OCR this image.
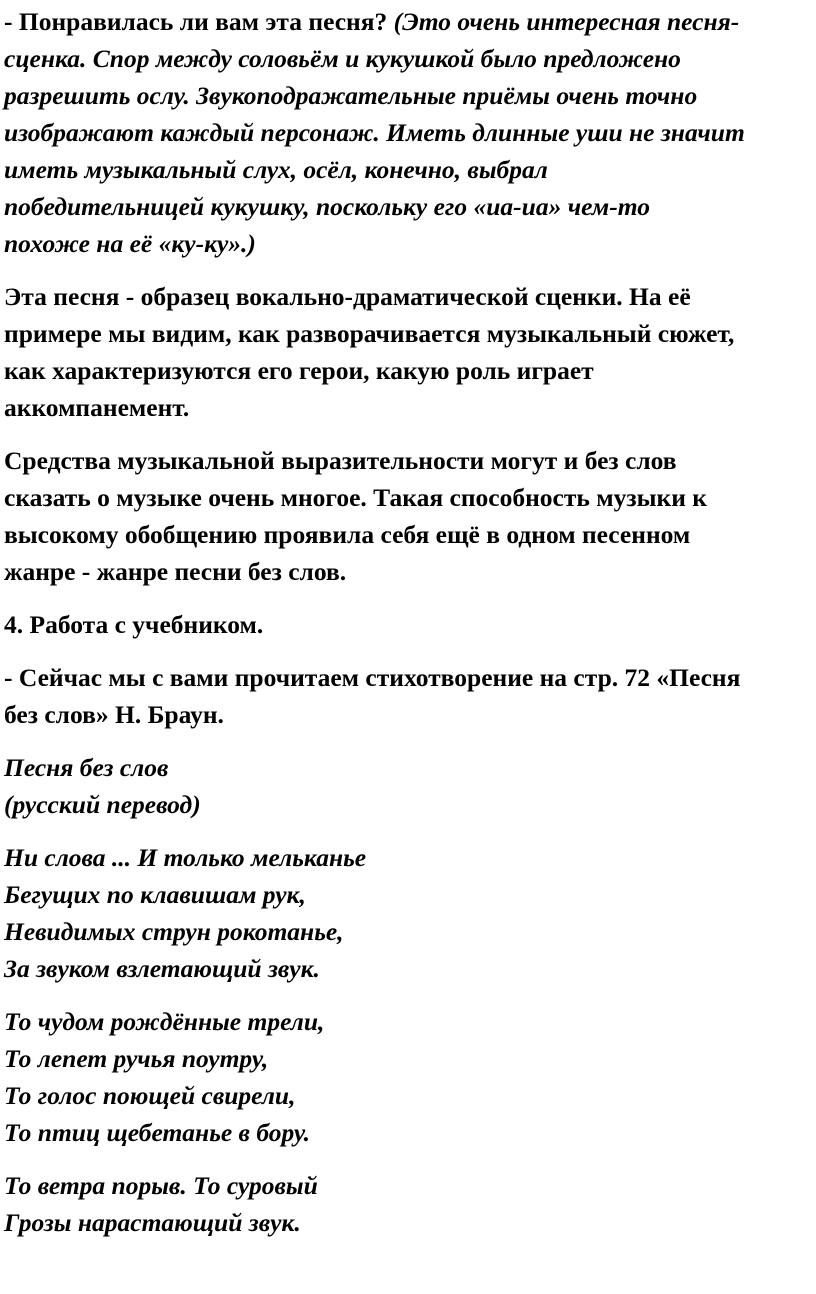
- Понравилась ли вам эта песня? (Это очень интересная песня-
сценка. Спор между соловьём и кукушкой было предложено
разрешить ослу. Звукоподражательные приёмы очень точно
изображают каждый персонаж. Иметь длинные уши не значит
иметь музыкальный слух, осёл, конечно, выбрал
победительницей кукушку, поскольку его «иа-иа» чем-то
похоже на её «ку-ку».)

Эта песня - образец вокально-драматической сценки. На её
примере мы видим, как разворачивается музыкальный сюжет,
как характеризуются его герои, какую роль играет
аккомпанемент.

Средства музыкальной выразительности могут и без слов
сказать о музыке очень многое. Такая способность музыки к
высокому обобщению проявила себя ещё в одном песенном
жанре - жанре песни без слов.

4. Работа с учебником.

- Сейчас мы с вами прочитаем стихотворение на стр. 72 «Песня
без слов» Н. Браун.

Песня без слов
(русский перевод)

Ни слова ... И только мельканье
Бегущих по клавишам рук,
Невидимых струн рокотанье,
За звуком взлетающий звук.

То чудом рождённые трели,
То лепет ручья поутру,
То голос поющей свирели,
То птиц щебетанье в бору.

То ветра порыв. То суровый
Грозы нарастающий звук.
